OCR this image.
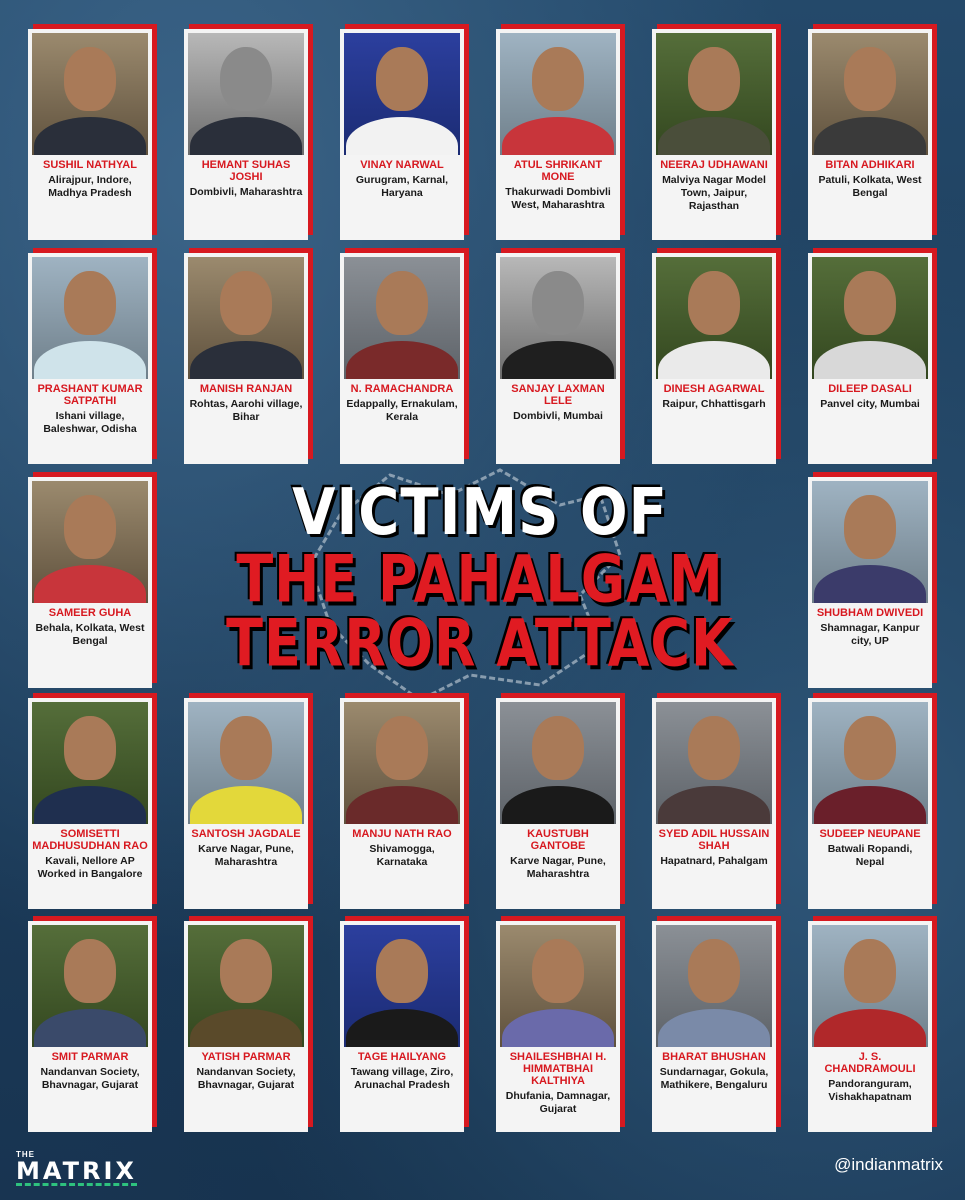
SUSHIL NATHYAL
Alirajpur, Indore, Madhya Pradesh
HEMANT SUHAS JOSHI
Dombivli, Maharashtra
VINAY NARWAL
Gurugram, Karnal, Haryana
ATUL SHRIKANT MONE
Thakurwadi Dombivli West, Maharashtra
NEERAJ UDHAWANI
Malviya Nagar Model Town, Jaipur, Rajasthan
BITAN ADHIKARI
Patuli, Kolkata, West Bengal
PRASHANT KUMAR SATPATHI
Ishani village, Baleshwar, Odisha
MANISH RANJAN
Rohtas, Aarohi village, Bihar
N. RAMACHANDRA
Edappally, Ernakulam, Kerala
SANJAY LAXMAN LELE
Dombivli, Mumbai
DINESH AGARWAL
Raipur, Chhattisgarh
DILEEP DASALI
Panvel city, Mumbai
SAMEER GUHA
Behala, Kolkata, West Bengal
SHUBHAM DWIVEDI
Shamnagar, Kanpur city, UP
VICTIMS OF
THE PAHALGAM
TERROR ATTACK
SOMISETTI MADHUSUDHAN RAO
Kavali, Nellore AP Worked in Bangalore
SANTOSH JAGDALE
Karve Nagar, Pune, Maharashtra
MANJU NATH RAO
Shivamogga, Karnataka
KAUSTUBH GANTOBE
Karve Nagar, Pune, Maharashtra
SYED ADIL HUSSAIN SHAH
Hapatnard, Pahalgam
SUDEEP NEUPANE
Batwali Ropandi, Nepal
SMIT PARMAR
Nandanvan Society, Bhavnagar, Gujarat
YATISH PARMAR
Nandanvan Society, Bhavnagar, Gujarat
TAGE HAILYANG
Tawang village, Ziro, Arunachal Pradesh
SHAILESHBHAI H. HIMMATBHAI KALTHIYA
Dhufania, Damnagar, Gujarat
BHARAT BHUSHAN
Sundarnagar, Gokula, Mathikere, Bengaluru
J. S. CHANDRAMOULI
Pandoranguram, Vishakhapatnam
THE
MATRIX	@indianmatrix
